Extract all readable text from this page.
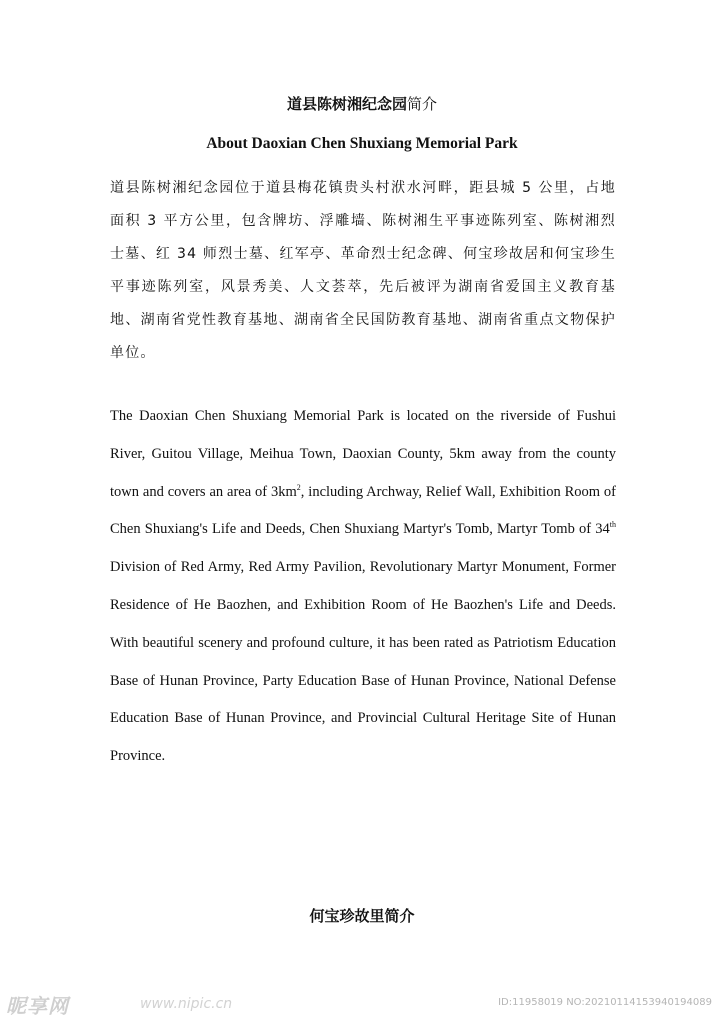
道县陈树湘纪念园简介
About Daoxian Chen Shuxiang Memorial Park

道县陈树湘纪念园位于道县梅花镇贵头村洑水河畔，距县城 5 公里，占地面积 3 平方公里，包含牌坊、浮雕墙、陈树湘生平事迹陈列室、陈树湘烈士墓、红 34 师烈士墓、红军亭、革命烈士纪念碑、何宝珍故居和何宝珍生平事迹陈列室，风景秀美、人文荟萃，先后被评为湖南省爱国主义教育基地、湖南省党性教育基地、湖南省全民国防教育基地、湖南省重点文物保护单位。

The Daoxian Chen Shuxiang Memorial Park is located on the riverside of Fushui River, Guitou Village, Meihua Town, Daoxian County, 5km away from the county town and covers an area of $3km^2$, including Archway, Relief Wall, Exhibition Room of Chen Shuxiang's Life and Deeds, Chen Shuxiang Martyr's Tomb, Martyr Tomb of 34th Division of Red Army, Red Army Pavilion, Revolutionary Martyr Monument, Former Residence of He Baozhen, and Exhibition Room of He Baozhen's Life and Deeds. With beautiful scenery and profound culture, it has been rated as Patriotism Education Base of Hunan Province, Party Education Base of Hunan Province, National Defense Education Base of Hunan Province, and Provincial Cultural Heritage Site of Hunan Province.

何宝珍故里简介
昵享网	www.nipic.cn	ID:11958019 NO:20210114153940194089
